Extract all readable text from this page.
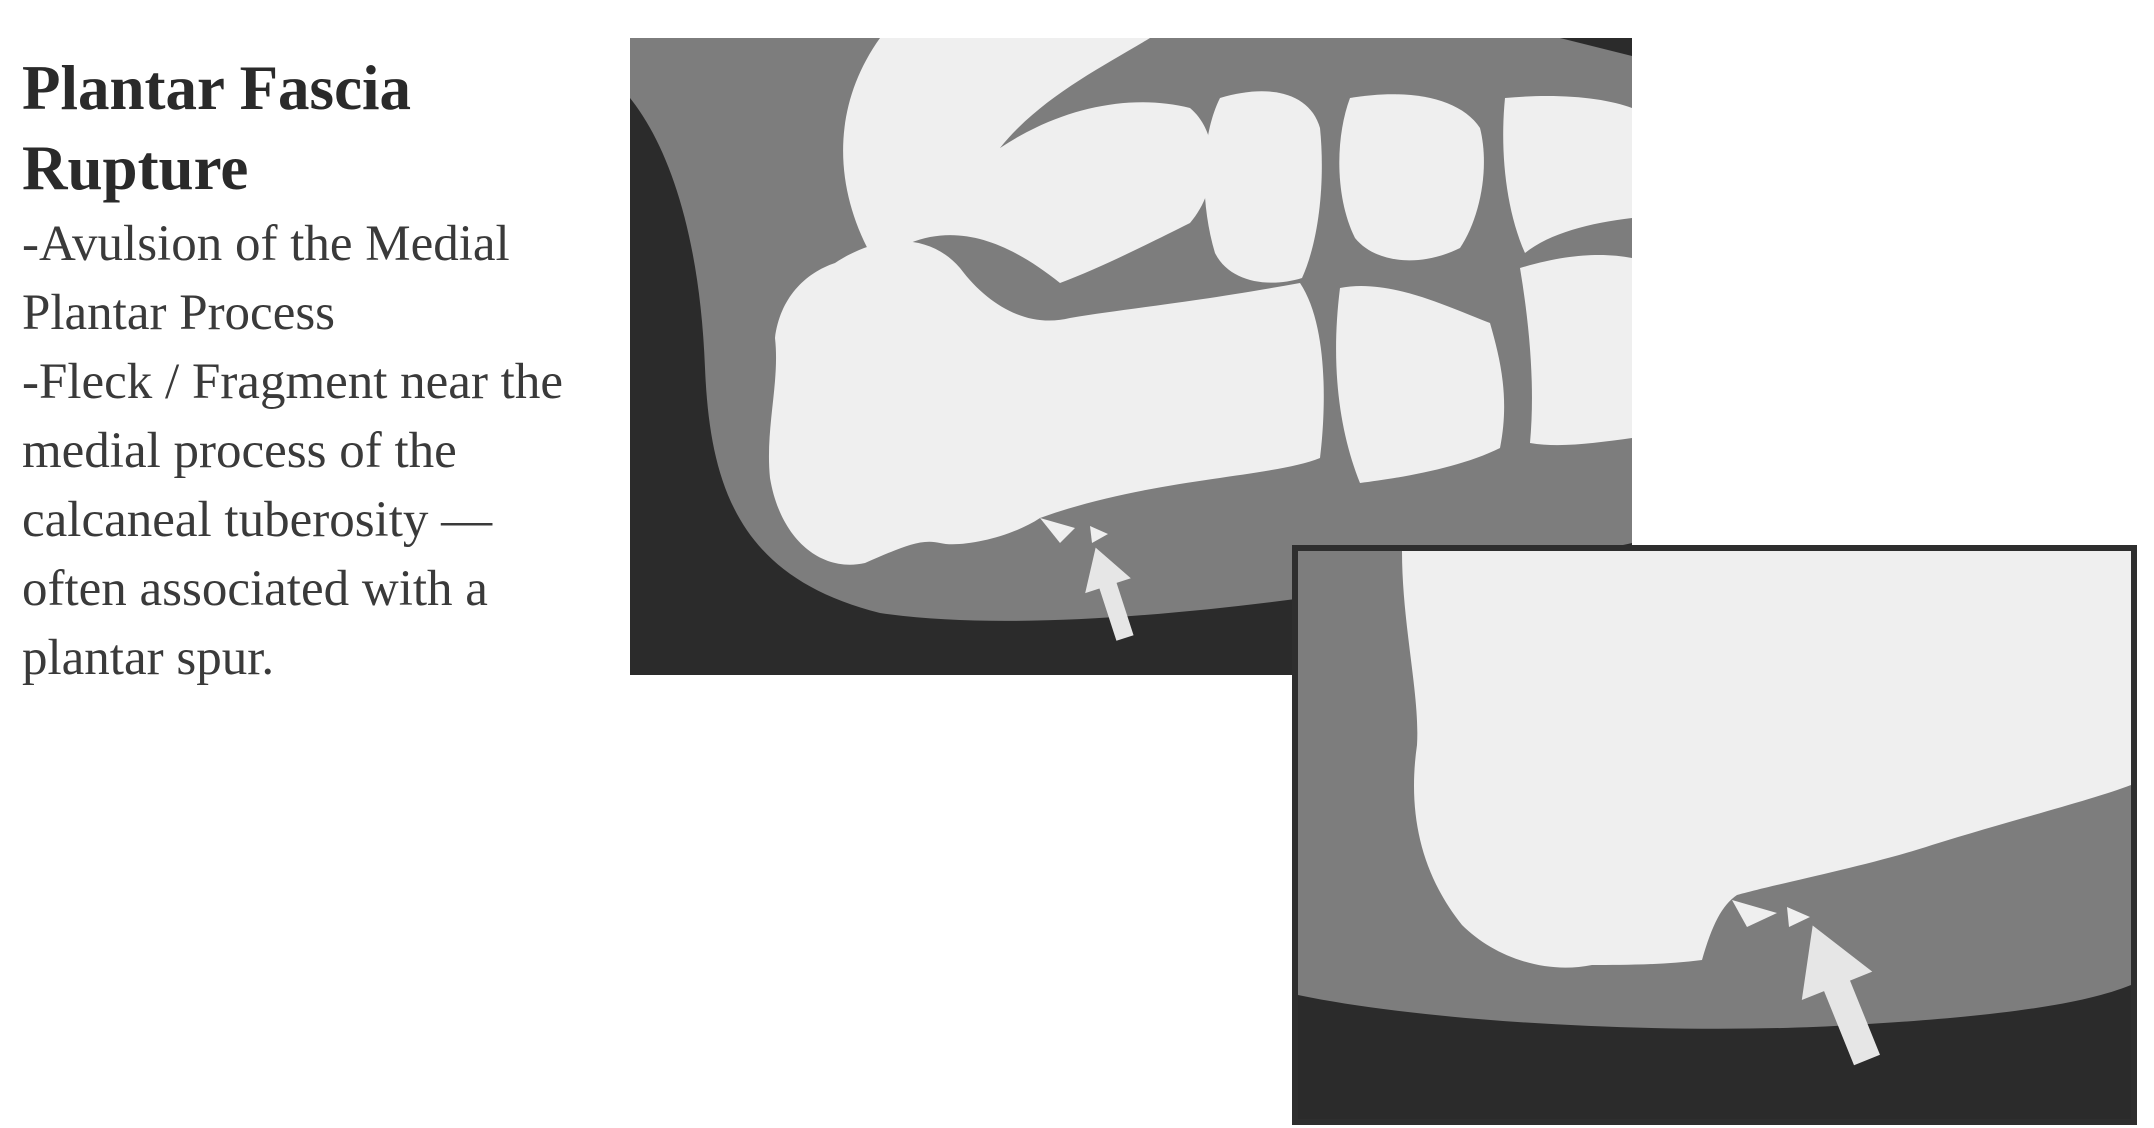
Plantar Fascia Rupture
-Avulsion of the Medial
Plantar Process
-Fleck / Fragment near the
medial process of the
calcaneal tuberosity —
often associated with a
plantar spur.
